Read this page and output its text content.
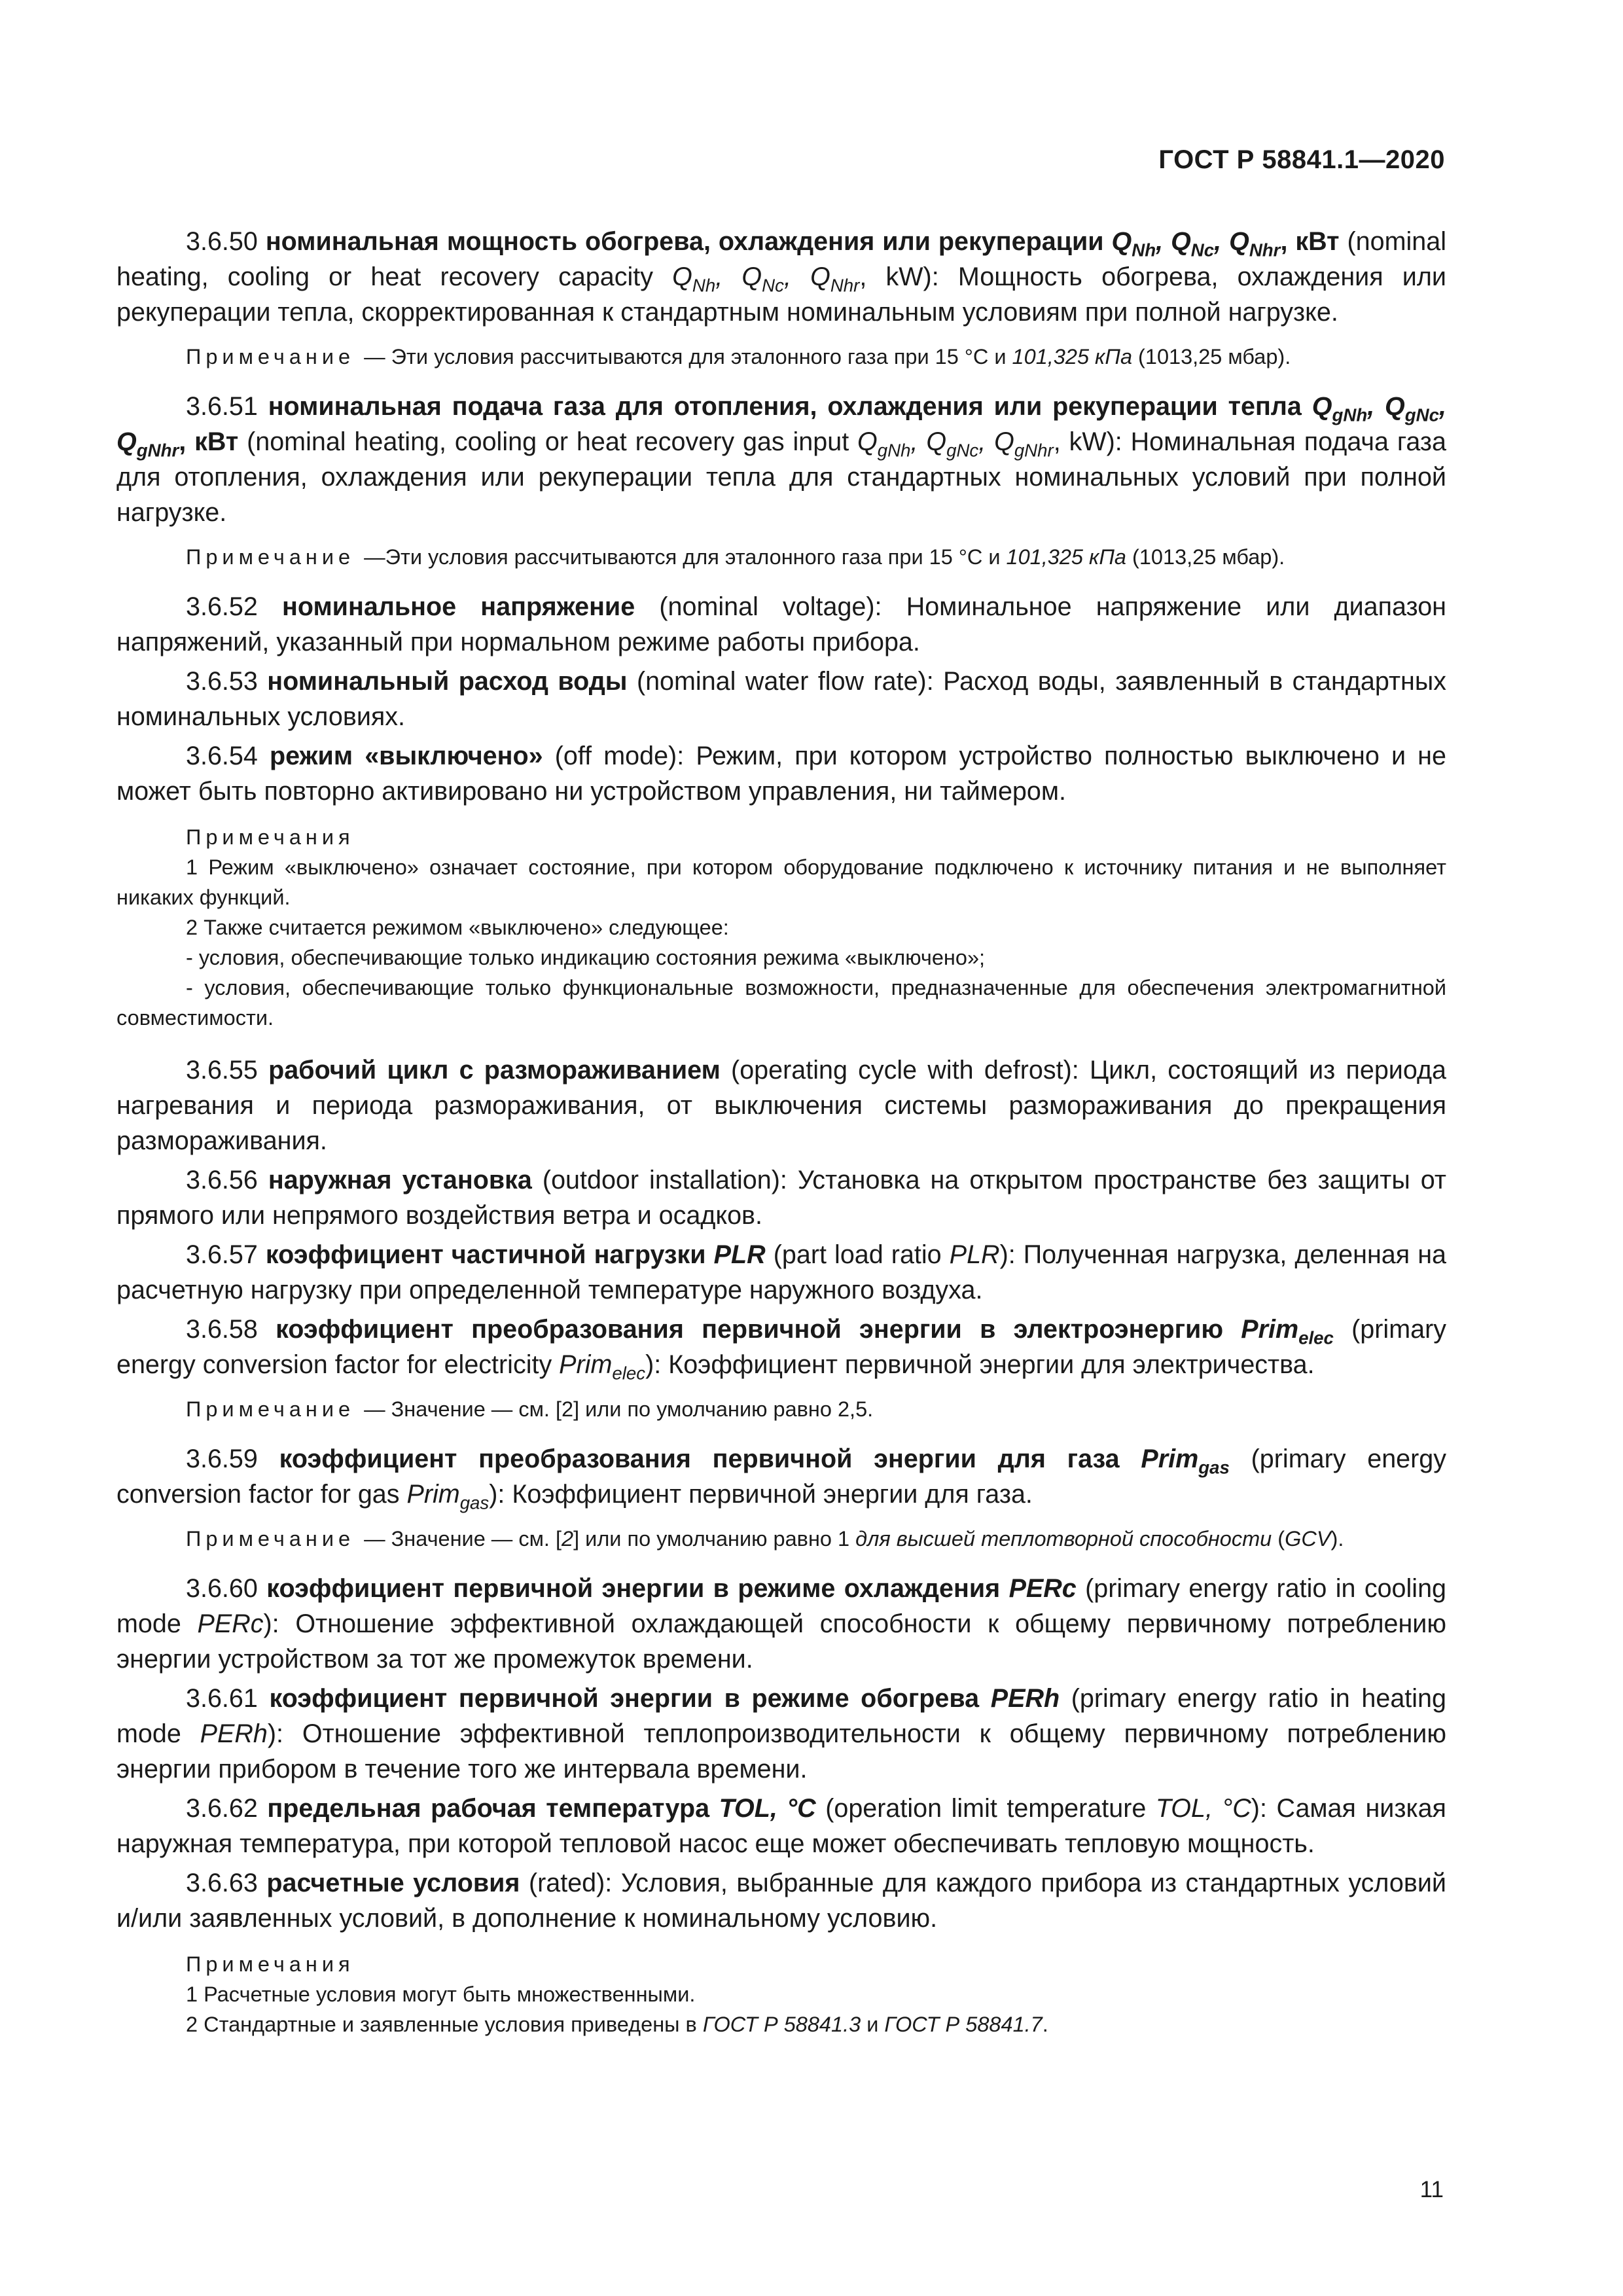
ГОСТ Р 58841.1—2020

3.6.50 номинальная мощность обогрева, охлаждения или рекуперации $Q_{Nh}$, $Q_{Nc}$, $Q_{Nhr}$, кВт (nominal heating, cooling or heat recovery capacity $Q_{Nh}$, $Q_{Nc}$, $Q_{Nhr}$, kW): Мощность обогрева, охлаждения или рекуперации тепла, скорректированная к стандартным номинальным условиям при полной нагрузке.

Примечание — Эти условия рассчитываются для эталонного газа при 15 °С и 101,325 кПа (1013,25 мбар).

3.6.51 номинальная подача газа для отопления, охлаждения или рекуперации тепла $Q_{gNh}$, $Q_{gNc}$, $Q_{gNhr}$, кВт (nominal heating, cooling or heat recovery gas input $Q_{gNh}$, $Q_{gNc}$, $Q_{gNhr}$, kW): Номинальная подача газа для отопления, охлаждения или рекуперации тепла для стандартных номинальных условий при полной нагрузке.

Примечание —Эти условия рассчитываются для эталонного газа при 15 °С и 101,325 кПа (1013,25 мбар).

3.6.52 номинальное напряжение (nominal voltage): Номинальное напряжение или диапазон напряжений, указанный при нормальном режиме работы прибора.

3.6.53 номинальный расход воды (nominal water flow rate): Расход воды, заявленный в стандартных номинальных условиях.

3.6.54 режим «выключено» (off mode): Режим, при котором устройство полностью выключено и не может быть повторно активировано ни устройством управления, ни таймером.

Примечания
1 Режим «выключено» означает состояние, при котором оборудование подключено к источнику питания и не выполняет никаких функций.
2 Также считается режимом «выключено» следующее:
- условия, обеспечивающие только индикацию состояния режима «выключено»;
- условия, обеспечивающие только функциональные возможности, предназначенные для обеспечения электромагнитной совместимости.

3.6.55 рабочий цикл с размораживанием (operating cycle with defrost): Цикл, состоящий из периода нагревания и периода размораживания, от выключения системы размораживания до прекращения размораживания.

3.6.56 наружная установка (outdoor installation): Установка на открытом пространстве без защиты от прямого или непрямого воздействия ветра и осадков.

3.6.57 коэффициент частичной нагрузки PLR (part load ratio PLR): Полученная нагрузка, деленная на расчетную нагрузку при определенной температуре наружного воздуха.

3.6.58 коэффициент преобразования первичной энергии в электроэнергию Prim$_{elec}$ (primary energy conversion factor for electricity Prim$_{elec}$): Коэффициент первичной энергии для электричества.

Примечание — Значение — см. [2] или по умолчанию равно 2,5.

3.6.59 коэффициент преобразования первичной энергии для газа Prim$_{gas}$ (primary energy conversion factor for gas Prim$_{gas}$): Коэффициент первичной энергии для газа.

Примечание — Значение — см. [2] или по умолчанию равно 1 для высшей теплотворной способности (GCV).

3.6.60 коэффициент первичной энергии в режиме охлаждения PERc (primary energy ratio in cooling mode PERc): Отношение эффективной охлаждающей способности к общему первичному потреблению энергии устройством за тот же промежуток времени.

3.6.61 коэффициент первичной энергии в режиме обогрева PERh (primary energy ratio in heating mode PERh): Отношение эффективной теплопроизводительности к общему первичному потреблению энергии прибором в течение того же интервала времени.

3.6.62 предельная рабочая температура TOL, °С (operation limit temperature TOL, °С): Самая низкая наружная температура, при которой тепловой насос еще может обеспечивать тепловую мощность.

3.6.63 расчетные условия (rated): Условия, выбранные для каждого прибора из стандартных условий и/или заявленных условий, в дополнение к номинальному условию.

Примечания
1 Расчетные условия могут быть множественными.
2 Стандартные и заявленные условия приведены в ГОСТ Р 58841.3 и ГОСТ Р 58841.7.
11
